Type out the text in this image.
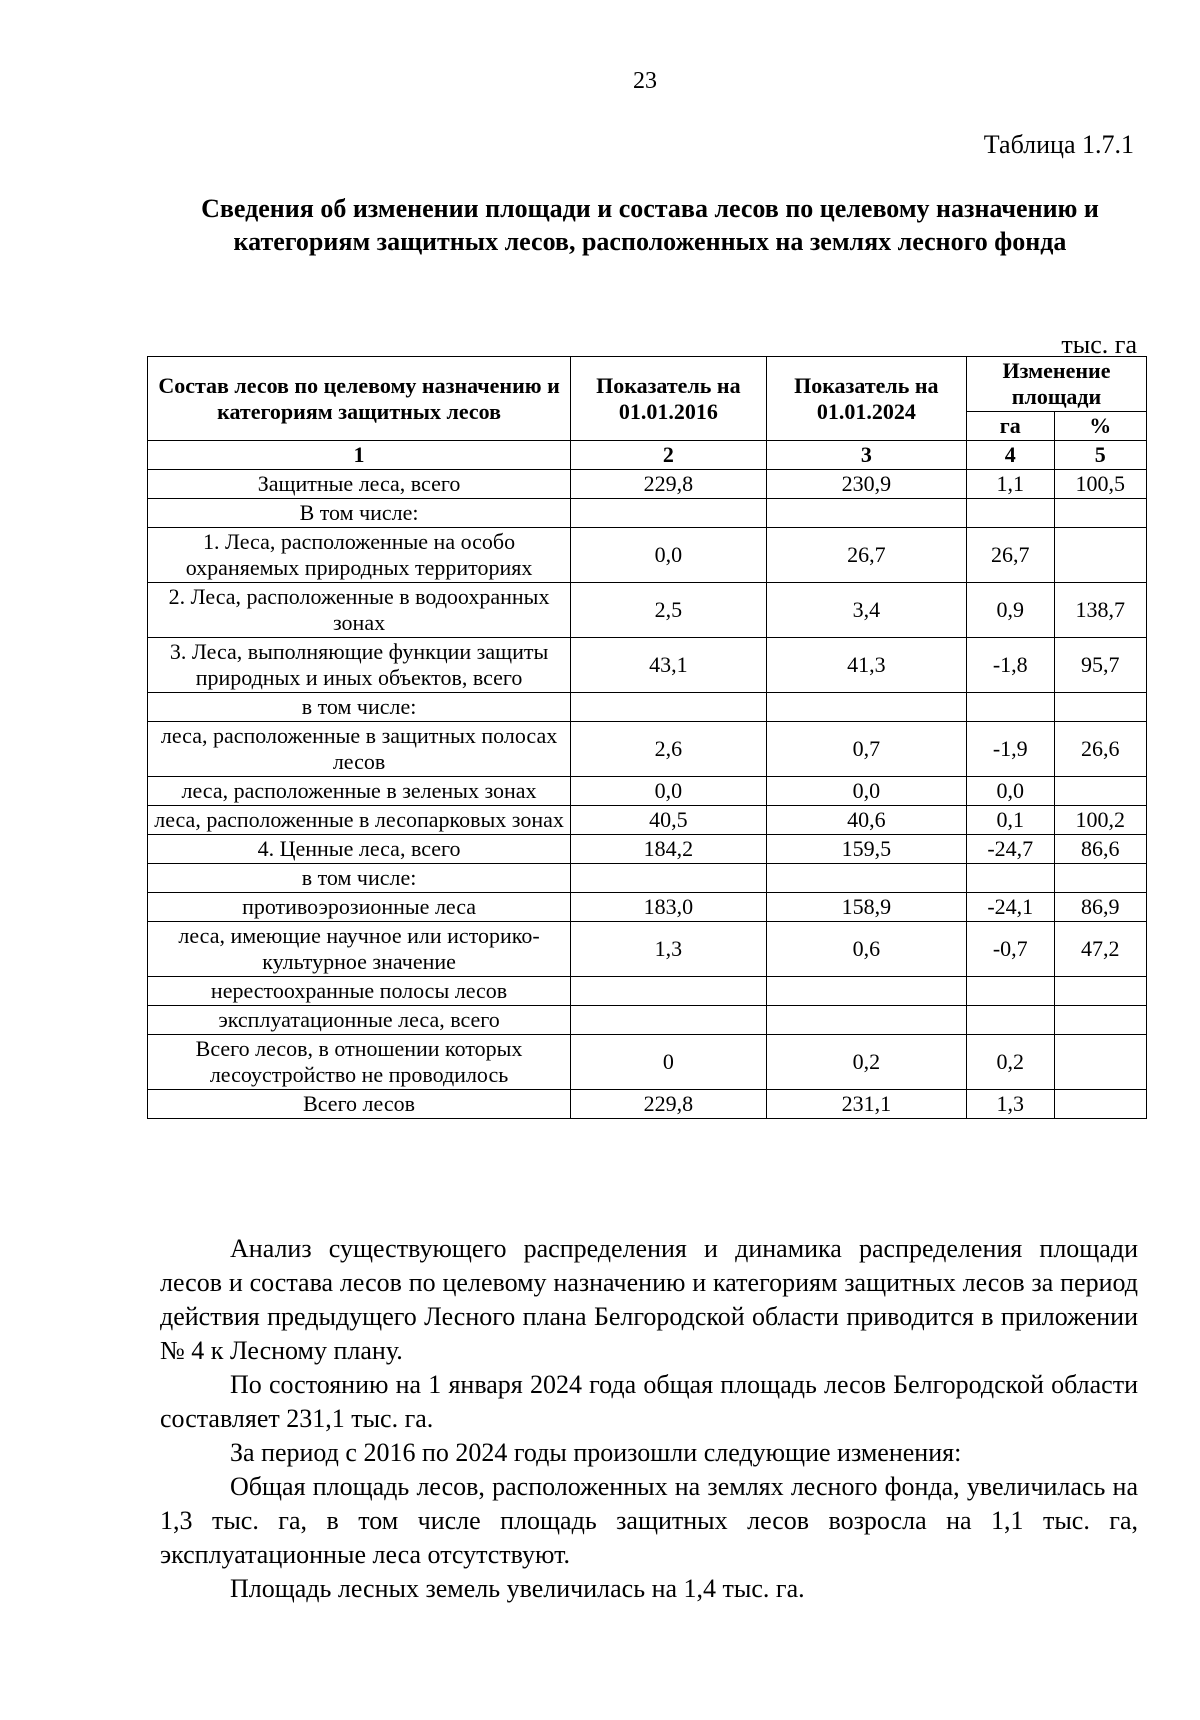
23
Таблица 1.7.1
Сведения об изменении площади и состава лесов по целевому назначению и категориям защитных лесов, расположенных на землях лесного фонда
тыс. га
Состав лесов по целевому назначению и категориям защитных лесов	Показатель на 01.01.2016	Показатель на 01.01.2024	Изменение площади	
			га	%
1	2	3	4	5
Защитные леса, всего	229,8	230,9	1,1	100,5
В том числе:				
1. Леса, расположенные на особо охраняемых природных территориях	0,0	26,7	26,7	
2. Леса, расположенные в водоохранных зонах	2,5	3,4	0,9	138,7
3. Леса, выполняющие функции защиты природных и иных объектов, всего	43,1	41,3	-1,8	95,7
в том числе:				
леса, расположенные в защитных полосах лесов	2,6	0,7	-1,9	26,6
леса, расположенные в зеленых зонах	0,0	0,0	0,0	
леса, расположенные в лесопарковых зонах	40,5	40,6	0,1	100,2
4. Ценные леса, всего	184,2	159,5	-24,7	86,6
в том числе:				
противоэрозионные леса	183,0	158,9	-24,1	86,9
леса, имеющие научное или историко-культурное значение	1,3	0,6	-0,7	47,2
нерестоохранные полосы лесов				
эксплуатационные леса, всего				
Всего лесов, в отношении которых лесоустройство не проводилось	0	0,2	0,2	
Всего лесов	229,8	231,1	1,3	

Анализ существующего распределения и динамика распределения площади лесов и состава лесов по целевому назначению и категориям защитных лесов за период действия предыдущего Лесного плана Белгородской области приводится в приложении № 4 к Лесному плану.

По состоянию на 1 января 2024 года общая площадь лесов Белгородской области составляет 231,1 тыс. га.

За период с 2016 по 2024 годы произошли следующие изменения:

Общая площадь лесов, расположенных на землях лесного фонда, увеличилась на 1,3 тыс. га, в том числе площадь защитных лесов возросла на 1,1 тыс. га, эксплуатационные леса отсутствуют.

Площадь лесных земель увеличилась на 1,4 тыс. га.
